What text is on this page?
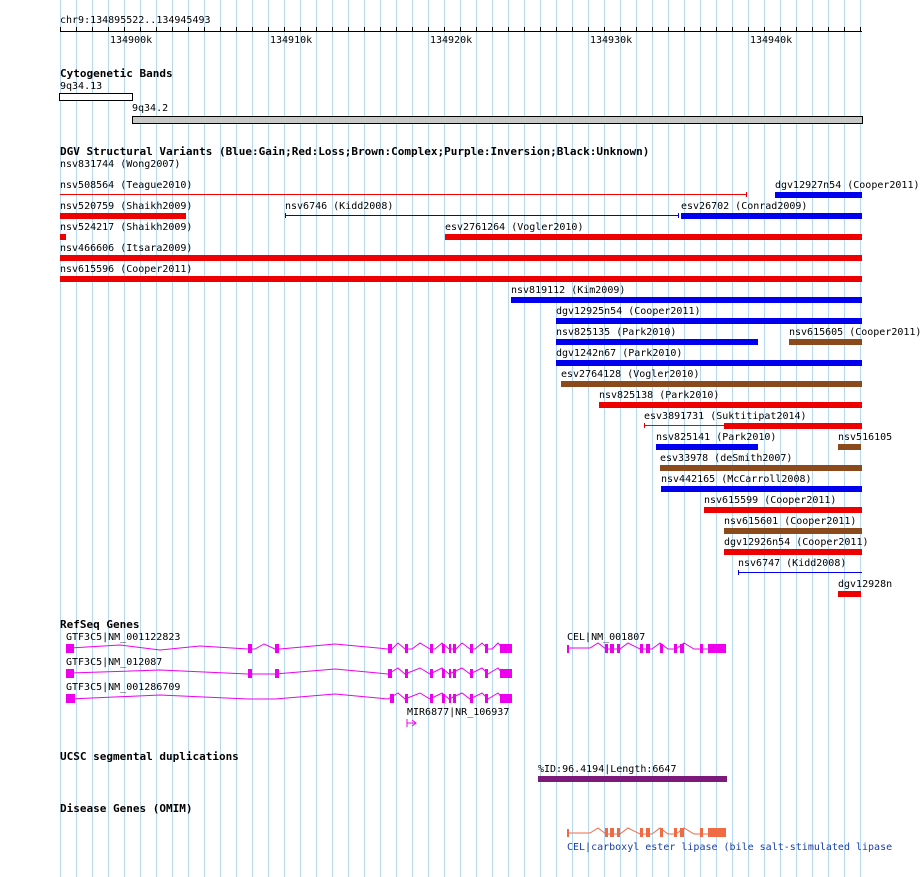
chr9:134895522..134945493
134900k	134910k	134920k	134930k	134940k
Cytogenetic Bands
9q34.13
9q34.2
DGV Structural Variants (Blue:Gain;Red:Loss;Brown:Complex;Purple:Inversion;Black:Unknown)
nsv831744 (Wong2007)
nsv508564 (Teague2010)	dgv12927n54 (Cooper2011)
nsv520759 (Shaikh2009)	nsv6746 (Kidd2008)	esv26702 (Conrad2009)
nsv524217 (Shaikh2009)	esv2761264 (Vogler2010)
nsv466606 (Itsara2009)
nsv615596 (Cooper2011)
nsv819112 (Kim2009)
dgv12925n54 (Cooper2011)
nsv825135 (Park2010)	nsv615605 (Cooper2011)
dgv1242n67 (Park2010)
esv2764128 (Vogler2010)
nsv825138 (Park2010)
esv3891731 (Suktitipat2014)
nsv825141 (Park2010)	nsv516105
esv33978 (deSmith2007)
nsv442165 (McCarroll2008)
nsv615599 (Cooper2011)
nsv615601 (Cooper2011)
dgv12926n54 (Cooper2011)
nsv6747 (Kidd2008)
dgv12928n
RefSeq Genes
GTF3C5|NM_001122823
GTF3C5|NM_012087
GTF3C5|NM_001286709
CEL|NM_001807
MIR6877|NR_106937
UCSC segmental duplications
%ID:96.4194|Length:6647
Disease Genes (OMIM)
CEL|carboxyl ester lipase (bile salt-stimulated lipase
